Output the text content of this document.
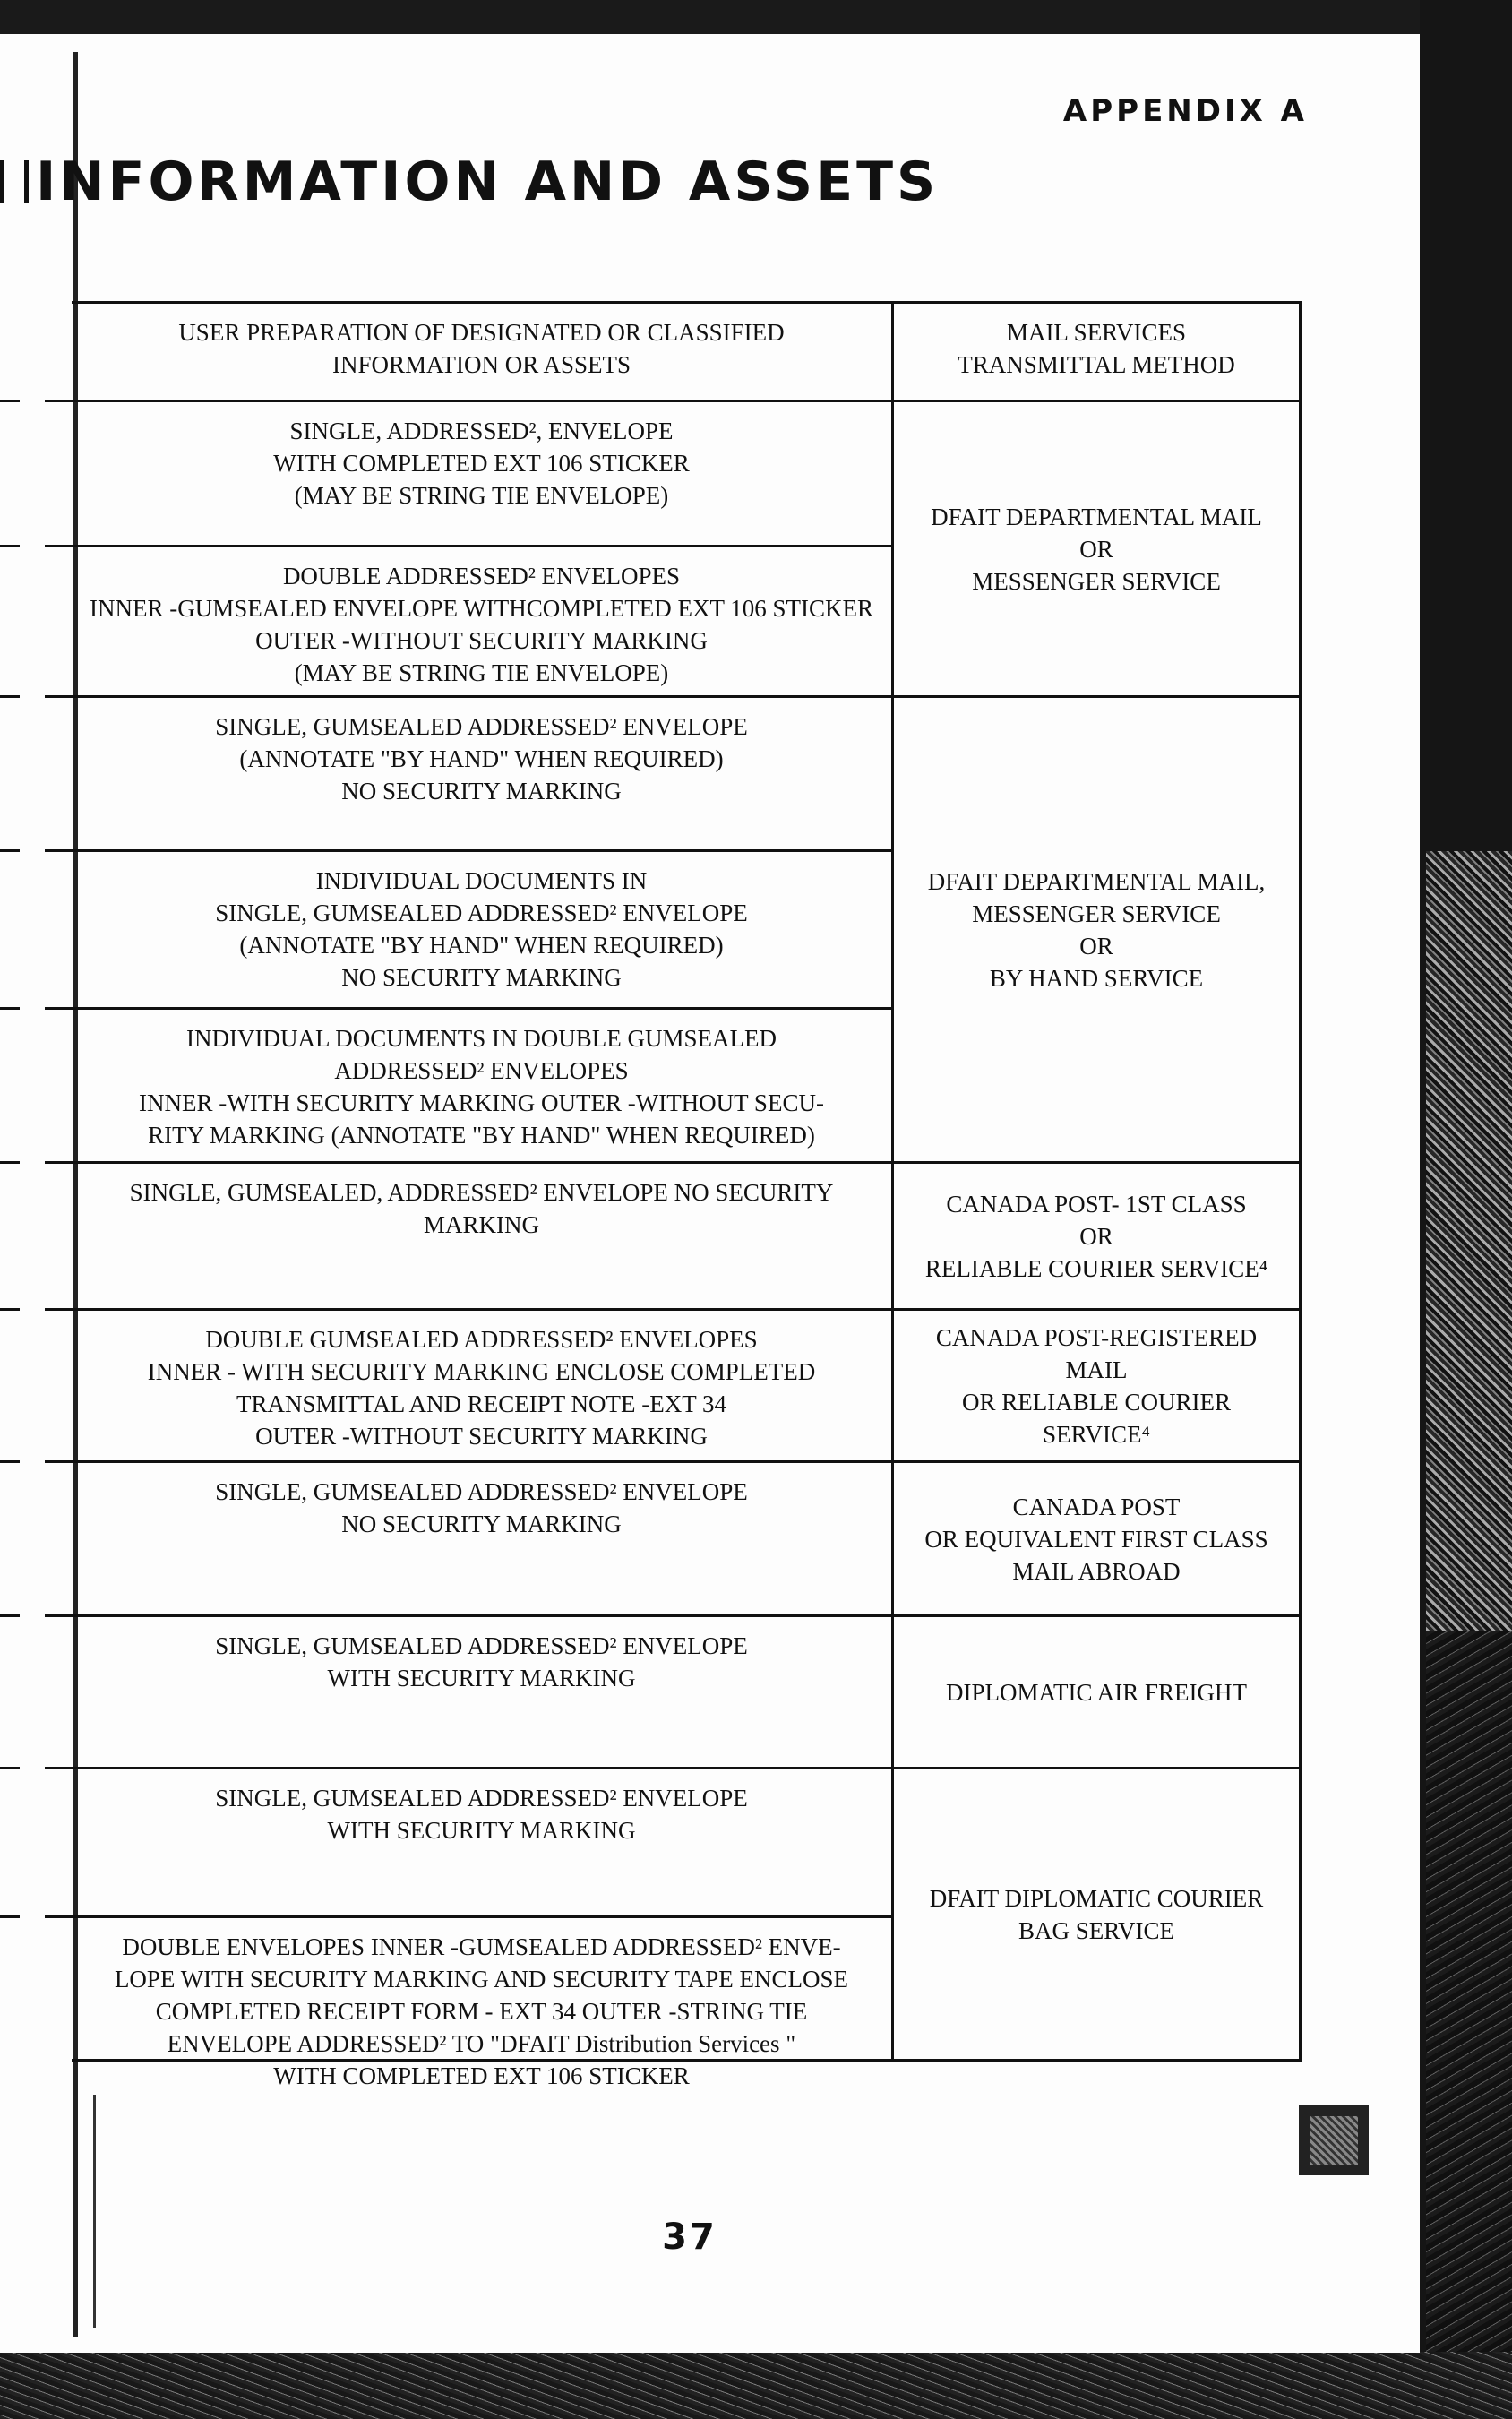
APPENDIX A
INFORMATION AND ASSETS
USER PREPARATION OF DESIGNATED OR CLASSIFIED
INFORMATION OR ASSETS
MAIL SERVICES
TRANSMITTAL METHOD
SINGLE, ADDRESSED², ENVELOPE
WITH COMPLETED EXT 106 STICKER
(MAY BE STRING TIE ENVELOPE)
DOUBLE ADDRESSED² ENVELOPES
INNER -GUMSEALED ENVELOPE WITHCOMPLETED EXT 106 STICKER
OUTER -WITHOUT SECURITY MARKING
(MAY BE STRING TIE ENVELOPE)
SINGLE, GUMSEALED ADDRESSED² ENVELOPE
(ANNOTATE "BY HAND" WHEN REQUIRED)
NO SECURITY MARKING
INDIVIDUAL DOCUMENTS IN
SINGLE, GUMSEALED ADDRESSED² ENVELOPE
(ANNOTATE "BY HAND" WHEN REQUIRED)
NO SECURITY MARKING
INDIVIDUAL DOCUMENTS IN DOUBLE GUMSEALED
ADDRESSED² ENVELOPES
INNER -WITH SECURITY MARKING OUTER -WITHOUT SECU-
RITY MARKING (ANNOTATE "BY HAND" WHEN REQUIRED)
SINGLE, GUMSEALED, ADDRESSED² ENVELOPE NO SECURITY
MARKING
DOUBLE GUMSEALED ADDRESSED² ENVELOPES
INNER - WITH SECURITY MARKING ENCLOSE COMPLETED
TRANSMITTAL AND RECEIPT NOTE -EXT 34
OUTER -WITHOUT SECURITY MARKING
SINGLE, GUMSEALED ADDRESSED² ENVELOPE
NO SECURITY MARKING
SINGLE, GUMSEALED ADDRESSED² ENVELOPE
WITH SECURITY MARKING
SINGLE, GUMSEALED ADDRESSED² ENVELOPE
WITH SECURITY MARKING
DOUBLE ENVELOPES INNER -GUMSEALED ADDRESSED² ENVE-
LOPE WITH SECURITY MARKING AND SECURITY TAPE ENCLOSE
COMPLETED RECEIPT FORM - EXT 34 OUTER -STRING TIE
ENVELOPE ADDRESSED² TO "DFAIT Distribution Services "
WITH COMPLETED EXT 106 STICKER
DFAIT DEPARTMENTAL MAIL
OR
MESSENGER SERVICE
DFAIT DEPARTMENTAL MAIL,
MESSENGER SERVICE
OR
BY HAND SERVICE
CANADA POST- 1ST CLASS
OR
RELIABLE COURIER SERVICE⁴
CANADA POST-REGISTERED
MAIL
OR RELIABLE COURIER
SERVICE⁴
CANADA POST
OR EQUIVALENT FIRST CLASS
MAIL ABROAD
DIPLOMATIC AIR FREIGHT
DFAIT DIPLOMATIC COURIER
BAG SERVICE
37
